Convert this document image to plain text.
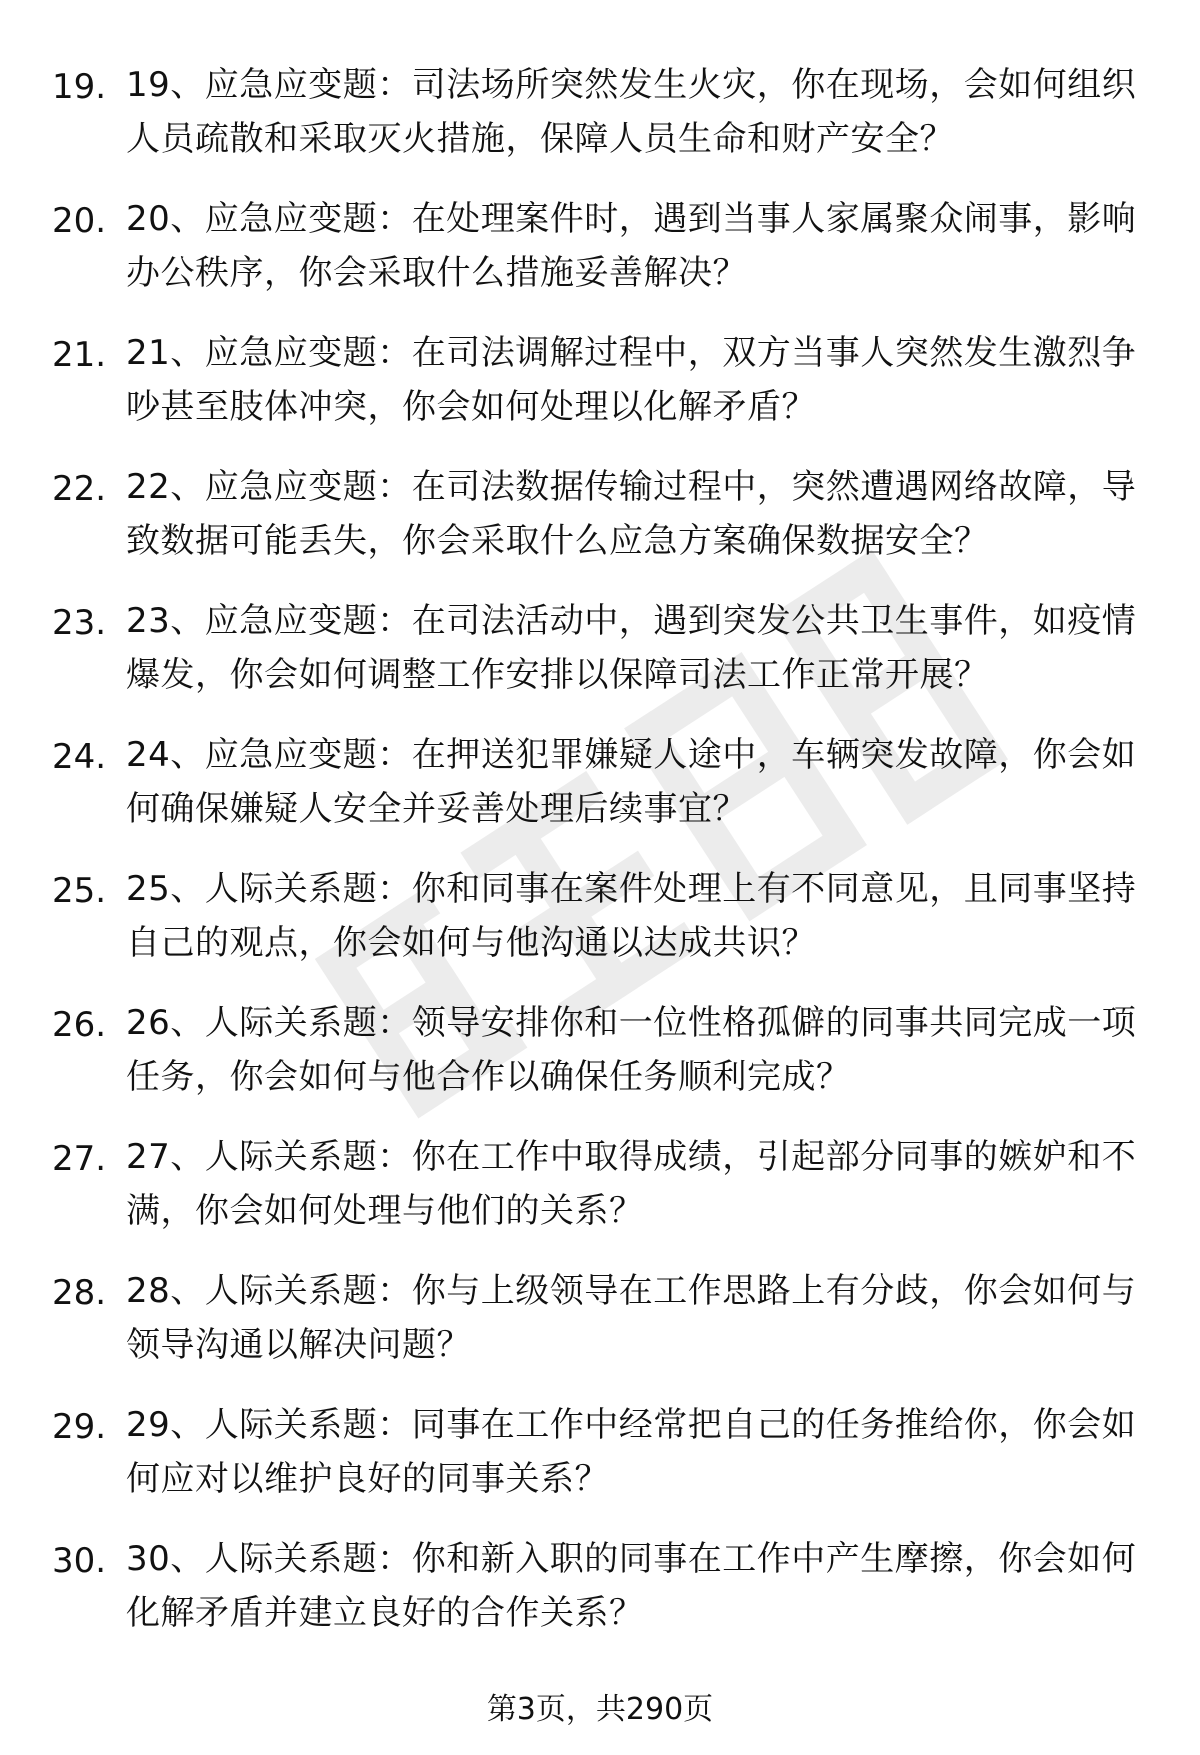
19. 19、应急应变题：司法场所突然发生火灾，你在现场，会如何组织人员疏散和采取灭火措施，保障人员生命和财产安全？
20. 20、应急应变题：在处理案件时，遇到当事人家属聚众闹事，影响办公秩序，你会采取什么措施妥善解决？
21. 21、应急应变题：在司法调解过程中，双方当事人突然发生激烈争吵甚至肢体冲突，你会如何处理以化解矛盾？
22. 22、应急应变题：在司法数据传输过程中，突然遭遇网络故障，导致数据可能丢失，你会采取什么应急方案确保数据安全？
23. 23、应急应变题：在司法活动中，遇到突发公共卫生事件，如疫情爆发，你会如何调整工作安排以保障司法工作正常开展？
24. 24、应急应变题：在押送犯罪嫌疑人途中，车辆突发故障，你会如何确保嫌疑人安全并妥善处理后续事宜？
25. 25、人际关系题：你和同事在案件处理上有不同意见，且同事坚持自己的观点，你会如何与他沟通以达成共识？
26. 26、人际关系题：领导安排你和一位性格孤僻的同事共同完成一项任务，你会如何与他合作以确保任务顺利完成？
27. 27、人际关系题：你在工作中取得成绩，引起部分同事的嫉妒和不满，你会如何处理与他们的关系？
28. 28、人际关系题：你与上级领导在工作思路上有分歧，你会如何与领导沟通以解决问题？
29. 29、人际关系题：同事在工作中经常把自己的任务推给你，你会如何应对以维护良好的同事关系？
30. 30、人际关系题：你和新入职的同事在工作中产生摩擦，你会如何化解矛盾并建立良好的合作关系？
第3页，共290页
